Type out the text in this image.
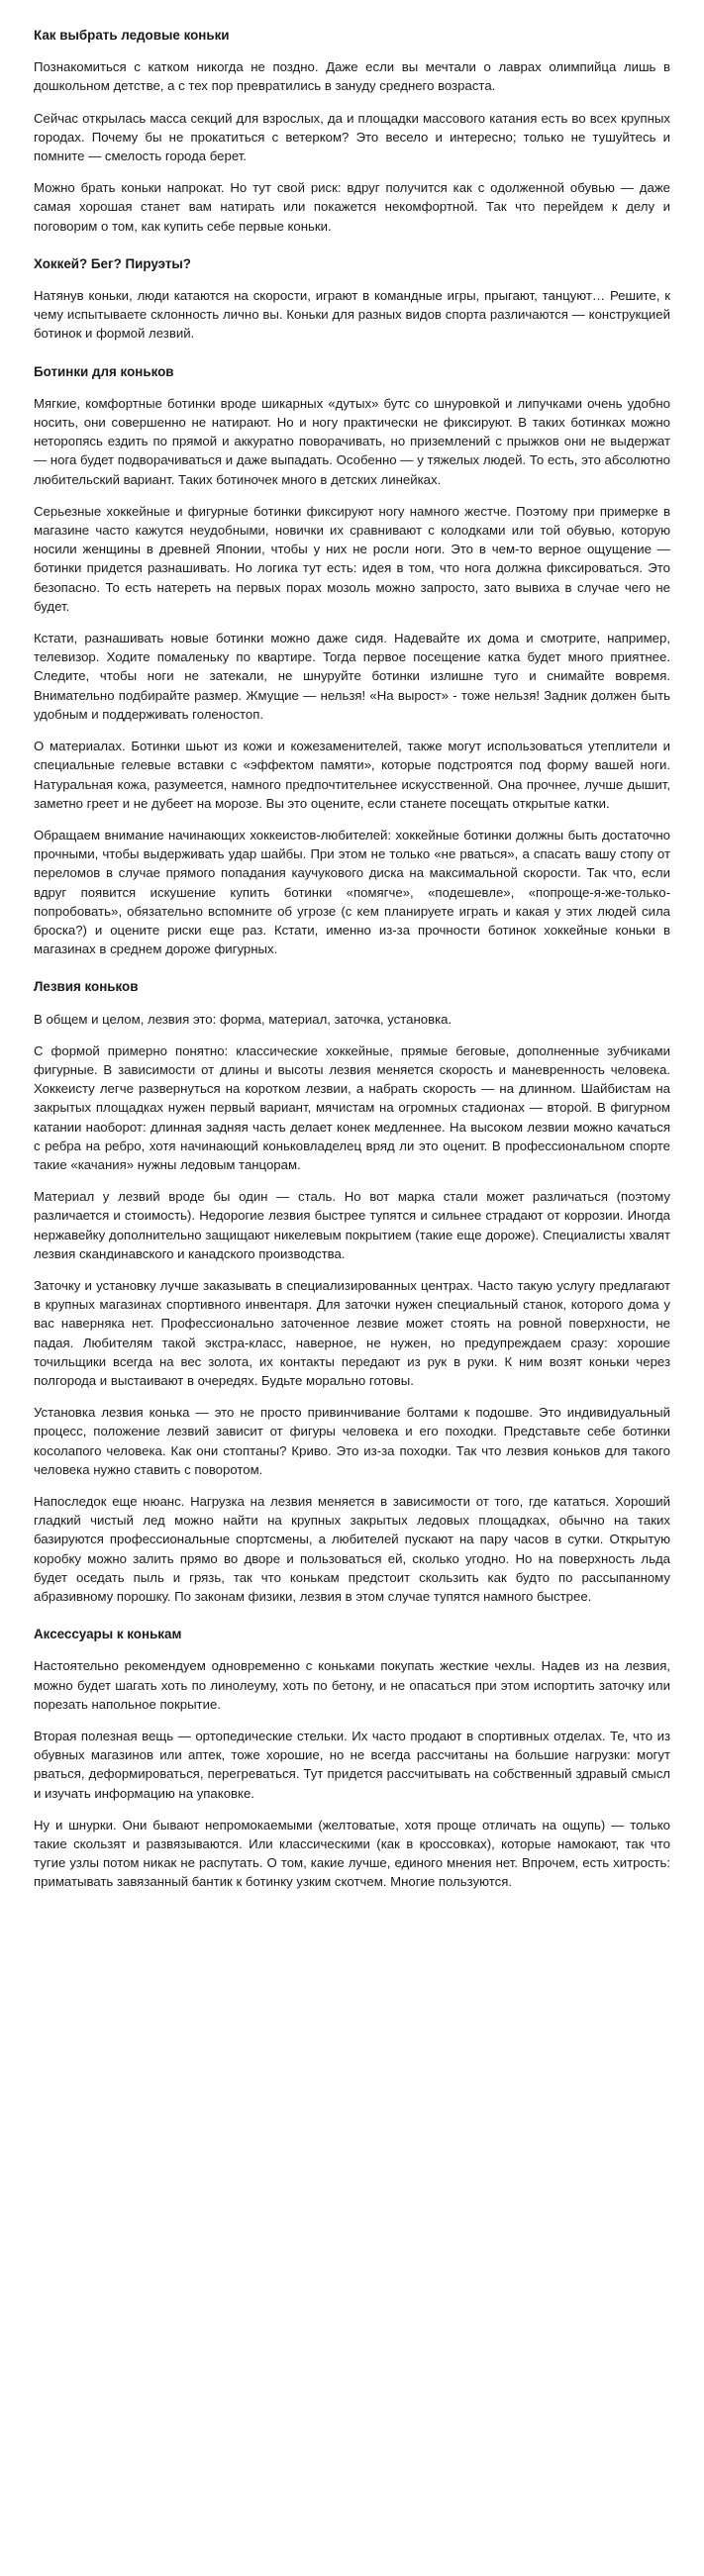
Как выбрать ледовые коньки

Познакомиться с катком никогда не поздно. Даже если вы мечтали о лаврах олимпийца лишь в дошкольном детстве, а с тех пор превратились в зануду среднего возраста.

Сейчас открылась масса секций для взрослых, да и площадки массового катания есть во всех крупных городах. Почему бы не прокатиться с ветерком? Это весело и интересно; только не тушуйтесь и помните — смелость города берет.

Можно брать коньки напрокат. Но тут свой риск: вдруг получится как с одолженной обувью — даже самая хорошая станет вам натирать или покажется некомфортной. Так что перейдем к делу и поговорим о том, как купить себе первые коньки.

Хоккей? Бег? Пируэты?

Натянув коньки, люди катаются на скорости, играют в командные игры, прыгают, танцуют… Решите, к чему испытываете склонность лично вы. Коньки для разных видов спорта различаются — конструкцией ботинок и формой лезвий.

Ботинки для коньков

Мягкие, комфортные ботинки вроде шикарных «дутых» бутс со шнуровкой и липучками очень удобно носить, они совершенно не натирают. Но и ногу практически не фиксируют. В таких ботинках можно неторопясь ездить по прямой и аккуратно поворачивать, но приземлений с прыжков они не выдержат — нога будет подворачиваться и даже выпадать. Особенно — у тяжелых людей. То есть, это абсолютно любительский вариант. Таких ботиночек много в детских линейках.

Серьезные хоккейные и фигурные ботинки фиксируют ногу намного жестче. Поэтому при примерке в магазине часто кажутся неудобными, новички их сравнивают с колодками или той обувью, которую носили женщины в древней Японии, чтобы у них не росли ноги. Это в чем-то верное ощущение — ботинки придется разнашивать. Но логика тут есть: идея в том, что нога должна фиксироваться. Это безопасно. То есть натереть на первых порах мозоль можно запросто, зато вывиха в случае чего не будет.

Кстати, разнашивать новые ботинки можно даже сидя. Надевайте их дома и смотрите, например, телевизор. Ходите помаленьку по квартире. Тогда первое посещение катка будет много приятнее. Следите, чтобы ноги не затекали, не шнуруйте ботинки излишне туго и снимайте вовремя. Внимательно подбирайте размер. Жмущие — нельзя! «На вырост» - тоже нельзя! Задник должен быть удобным и поддерживать голеностоп.

О материалах. Ботинки шьют из кожи и кожезаменителей, также могут использоваться утеплители и специальные гелевые вставки с «эффектом памяти», которые подстроятся под форму вашей ноги. Натуральная кожа, разумеется, намного предпочтительнее искусственной. Она прочнее, лучше дышит, заметно греет и не дубеет на морозе. Вы это оцените, если станете посещать открытые катки.

Обращаем внимание начинающих хоккеистов-любителей: хоккейные ботинки должны быть достаточно прочными, чтобы выдерживать удар шайбы. При этом не только «не рваться», а спасать вашу стопу от переломов в случае прямого попадания каучукового диска на максимальной скорости. Так что, если вдруг появится искушение купить ботинки «помягче», «подешевле», «попроще-я-же-только-попробовать», обязательно вспомните об угрозе (с кем планируете играть и какая у этих людей сила броска?) и оцените риски еще раз. Кстати, именно из-за прочности ботинок хоккейные коньки в магазинах в среднем дороже фигурных.

Лезвия коньков

В общем и целом, лезвия это: форма, материал, заточка, установка.

С формой примерно понятно: классические хоккейные, прямые беговые, дополненные зубчиками фигурные. В зависимости от длины и высоты лезвия меняется скорость и маневренность человека. Хоккеисту легче развернуться на коротком лезвии, а набрать скорость — на длинном. Шайбистам на закрытых площадках нужен первый вариант, мячистам на огромных стадионах — второй. В фигурном катании наоборот: длинная задняя часть делает конек медленнее. На высоком лезвии можно качаться с ребра на ребро, хотя начинающий коньковладелец вряд ли это оценит. В профессиональном спорте такие «качания» нужны ледовым танцорам.

Материал у лезвий вроде бы один — сталь. Но вот марка стали может различаться (поэтому различается и стоимость). Недорогие лезвия быстрее тупятся и сильнее страдают от коррозии. Иногда нержавейку дополнительно защищают никелевым покрытием (такие еще дороже). Специалисты хвалят лезвия скандинавского и канадского производства.

Заточку и установку лучше заказывать в специализированных центрах. Часто такую услугу предлагают в крупных магазинах спортивного инвентаря. Для заточки нужен специальный станок, которого дома у вас наверняка нет. Профессионально заточенное лезвие может стоять на ровной поверхности, не падая. Любителям такой экстра-класс, наверное, не нужен, но предупреждаем сразу: хорошие точильщики всегда на вес золота, их контакты передают из рук в руки. К ним возят коньки через полгорода и выстаивают в очередях. Будьте морально готовы.

Установка лезвия конька — это не просто привинчивание болтами к подошве. Это индивидуальный процесс, положение лезвий зависит от фигуры человека и его походки. Представьте себе ботинки косолапого человека. Как они стоптаны? Криво. Это из-за походки. Так что лезвия коньков для такого человека нужно ставить с поворотом.

Напоследок еще нюанс. Нагрузка на лезвия меняется в зависимости от того, где кататься. Хороший гладкий чистый лед можно найти на крупных закрытых ледовых площадках, обычно на таких базируются профессиональные спортсмены, а любителей пускают на пару часов в сутки. Открытую коробку можно залить прямо во дворе и пользоваться ей, сколько угодно. Но на поверхность льда будет оседать пыль и грязь, так что конькам предстоит скользить как будто по рассыпанному абразивному порошку. По законам физики, лезвия в этом случае тупятся намного быстрее.

Аксессуары к конькам

Настоятельно рекомендуем одновременно с коньками покупать жесткие чехлы. Надев из на лезвия, можно будет шагать хоть по линолеуму, хоть по бетону, и не опасаться при этом испортить заточку или порезать напольное покрытие.

Вторая полезная вещь — ортопедические стельки. Их часто продают в спортивных отделах. Те, что из обувных магазинов или аптек, тоже хорошие, но не всегда рассчитаны на большие нагрузки: могут рваться, деформироваться, перегреваться. Тут придется рассчитывать на собственный здравый смысл и изучать информацию на упаковке.

Ну и шнурки. Они бывают непромокаемыми (желтоватые, хотя проще отличать на ощупь) — только такие скользят и развязываются. Или классическими (как в кроссовках), которые намокают, так что тугие узлы потом никак не распутать. О том, какие лучше, единого мнения нет. Впрочем, есть хитрость: приматывать завязанный бантик к ботинку узким скотчем. Многие пользуются.
